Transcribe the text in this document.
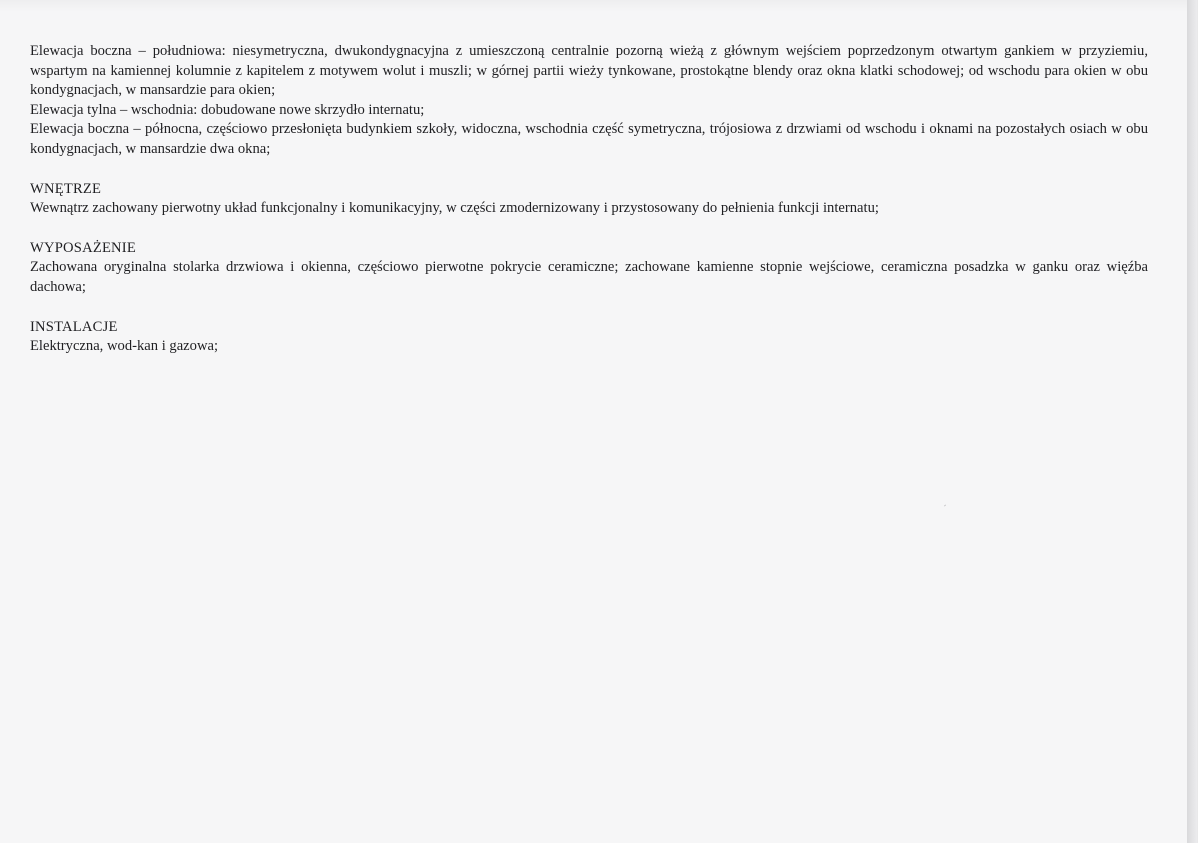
Elewacja boczna – południowa: niesymetryczna, dwukondygnacyjna z umieszczoną centralnie pozorną wieżą z głównym wejściem poprzedzonym otwartym gankiem w przyziemiu, wspartym na kamiennej kolumnie z kapitelem z motywem wolut i muszli; w górnej partii wieży tynkowane, prostokątne blendy oraz okna klatki schodowej; od wschodu para okien w obu kondygnacjach, w mansardzie para okien;

Elewacja tylna – wschodnia: dobudowane nowe skrzydło internatu;

Elewacja boczna – północna, częściowo przesłonięta budynkiem szkoły, widoczna, wschodnia część symetryczna, trójosiowa z drzwiami od wschodu i oknami na pozostałych osiach w obu kondygnacjach, w mansardzie dwa okna;

WNĘTRZE

Wewnątrz zachowany pierwotny układ funkcjonalny i komunikacyjny, w części zmodernizowany i przystosowany do pełnienia funkcji internatu;

WYPOSAŻENIE

Zachowana oryginalna stolarka drzwiowa i okienna, częściowo pierwotne pokrycie ceramiczne; zachowane kamienne stopnie wejściowe, ceramiczna posadzka w ganku oraz więźba dachowa;

INSTALACJE

Elektryczna, wod-kan i gazowa;
